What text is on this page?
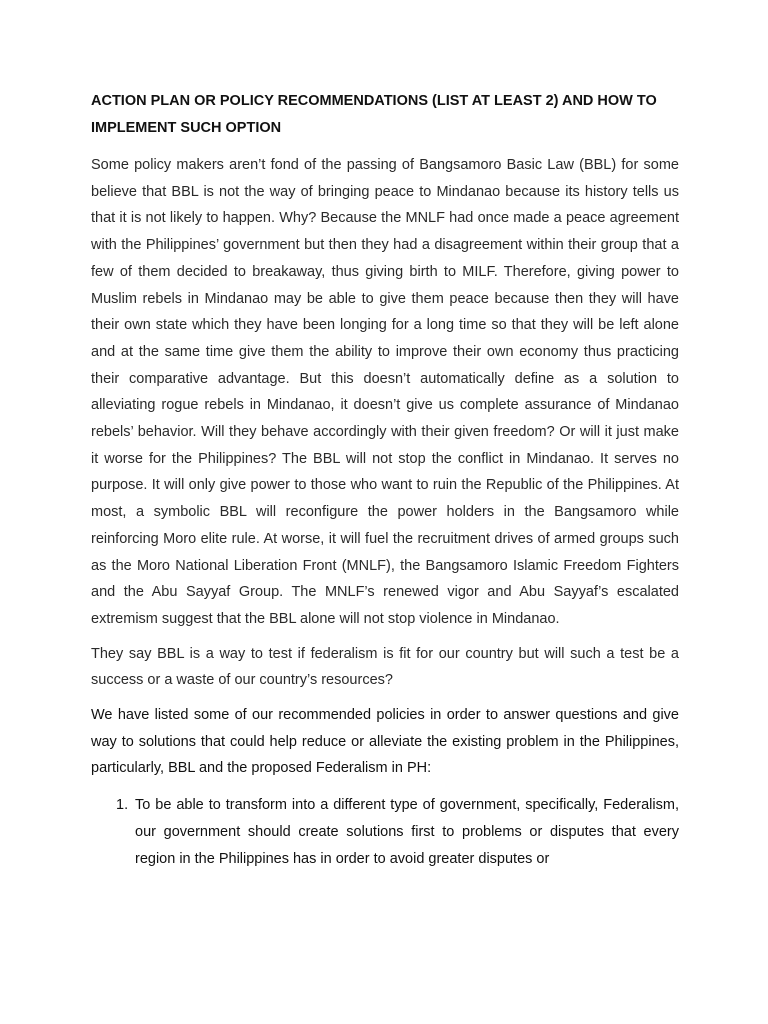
ACTION PLAN OR POLICY RECOMMENDATIONS (LIST AT LEAST 2) AND HOW TO IMPLEMENT SUCH OPTION

Some policy makers aren’t fond of the passing of Bangsamoro Basic Law (BBL) for some believe that BBL is not the way of bringing peace to Mindanao because its history tells us that it is not likely to happen. Why? Because the MNLF had once made a peace agreement with the Philippines’ government but then they had a disagreement within their group that a few of them decided to breakaway, thus giving birth to MILF. Therefore, giving power to Muslim rebels in Mindanao may be able to give them peace because then they will have their own state which they have been longing for a long time so that they will be left alone and at the same time give them the ability to improve their own economy thus practicing their comparative advantage. But this doesn’t automatically define as a solution to alleviating rogue rebels in Mindanao, it doesn’t give us complete assurance of Mindanao rebels’ behavior. Will they behave accordingly with their given freedom? Or will it just make it worse for the Philippines? The BBL will not stop the conflict in Mindanao. It serves no purpose. It will only give power to those who want to ruin the Republic of the Philippines. At most, a symbolic BBL will reconfigure the power holders in the Bangsamoro while reinforcing Moro elite rule. At worse, it will fuel the recruitment drives of armed groups such as the Moro National Liberation Front (MNLF), the Bangsamoro Islamic Freedom Fighters and the Abu Sayyaf Group. The MNLF’s renewed vigor and Abu Sayyaf’s escalated extremism suggest that the BBL alone will not stop violence in Mindanao.

They say BBL is a way to test if federalism is fit for our country but will such a test be a success or a waste of our country’s resources?

We have listed some of our recommended policies in order to answer questions and give way to solutions that could help reduce or alleviate the existing problem in the Philippines, particularly, BBL and the proposed Federalism in PH:

1. To be able to transform into a different type of government, specifically, Federalism, our government should create solutions first to problems or disputes that every region in the Philippines has in order to avoid greater disputes or
